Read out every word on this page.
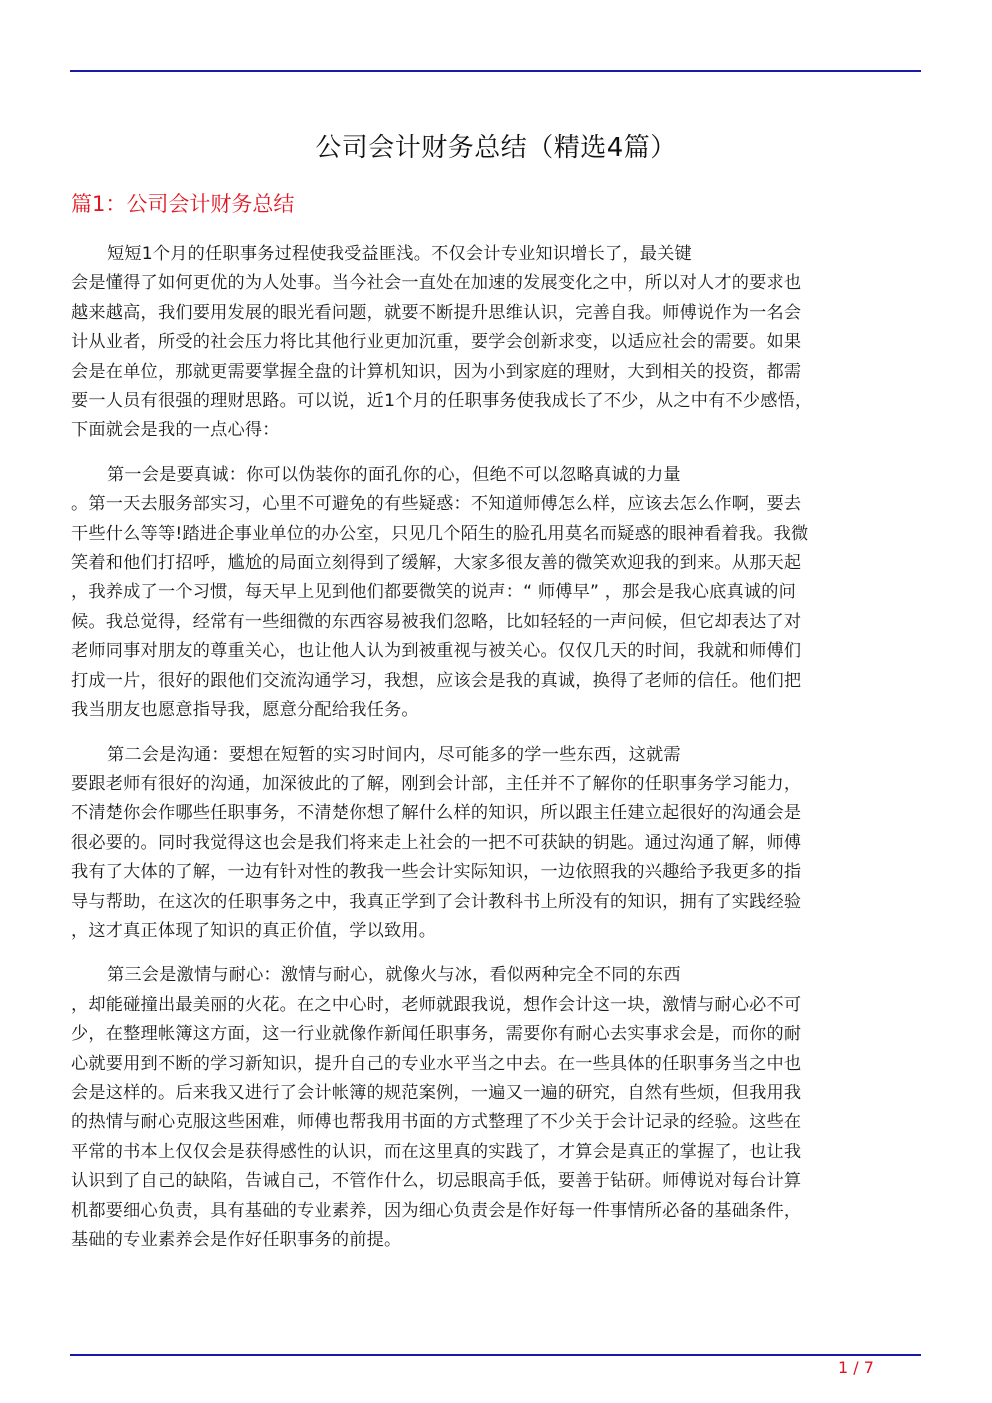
公司会计财务总结（精选4篇）
篇1：公司会计财务总结

短短1个月的任职事务过程使我受益匪浅。不仅会计专业知识增长了，最关键
会是懂得了如何更优的为人处事。当今社会一直处在加速的发展变化之中，所以对人才的要求也
越来越高，我们要用发展的眼光看问题，就要不断提升思维认识，完善自我。师傅说作为一名会
计从业者，所受的社会压力将比其他行业更加沉重，要学会创新求变，以适应社会的需要。如果
会是在单位，那就更需要掌握全盘的计算机知识，因为小到家庭的理财，大到相关的投资，都需
要一人员有很强的理财思路。可以说，近1个月的任职事务使我成长了不少，从之中有不少感悟，
下面就会是我的一点心得：

第一会是要真诚：你可以伪装你的面孔你的心，但绝不可以忽略真诚的力量
。第一天去服务部实习，心里不可避免的有些疑惑：不知道师傅怎么样，应该去怎么作啊，要去
干些什么等等!踏进企事业单位的办公室，只见几个陌生的脸孔用莫名而疑惑的眼神看着我。我微
笑着和他们打招呼，尴尬的局面立刻得到了缓解，大家多很友善的微笑欢迎我的到来。从那天起
，我养成了一个习惯，每天早上见到他们都要微笑的说声：“ 师傅早” ，那会是我心底真诚的问
候。我总觉得，经常有一些细微的东西容易被我们忽略，比如轻轻的一声问候，但它却表达了对
老师同事对朋友的尊重关心，也让他人认为到被重视与被关心。仅仅几天的时间，我就和师傅们
打成一片，很好的跟他们交流沟通学习，我想，应该会是我的真诚，换得了老师的信任。他们把
我当朋友也愿意指导我，愿意分配给我任务。

第二会是沟通：要想在短暂的实习时间内，尽可能多的学一些东西，这就需
要跟老师有很好的沟通，加深彼此的了解，刚到会计部，主任并不了解你的任职事务学习能力，
不清楚你会作哪些任职事务，不清楚你想了解什么样的知识，所以跟主任建立起很好的沟通会是
很必要的。同时我觉得这也会是我们将来走上社会的一把不可获缺的钥匙。通过沟通了解，师傅
我有了大体的了解，一边有针对性的教我一些会计实际知识，一边依照我的兴趣给予我更多的指
导与帮助，在这次的任职事务之中，我真正学到了会计教科书上所没有的知识，拥有了实践经验
，这才真正体现了知识的真正价值，学以致用。

第三会是激情与耐心：激情与耐心，就像火与冰，看似两种完全不同的东西
，却能碰撞出最美丽的火花。在之中心时，老师就跟我说，想作会计这一块，激情与耐心必不可
少，在整理帐簿这方面，这一行业就像作新闻任职事务，需要你有耐心去实事求会是，而你的耐
心就要用到不断的学习新知识，提升自己的专业水平当之中去。在一些具体的任职事务当之中也
会是这样的。后来我又进行了会计帐簿的规范案例，一遍又一遍的研究，自然有些烦，但我用我
的热情与耐心克服这些困难，师傅也帮我用书面的方式整理了不少关于会计记录的经验。这些在
平常的书本上仅仅会是获得感性的认识，而在这里真的实践了，才算会是真正的掌握了，也让我
认识到了自己的缺陷，告诫自己，不管作什么，切忌眼高手低，要善于钻研。师傅说对每台计算
机都要细心负责，具有基础的专业素养，因为细心负责会是作好每一件事情所必备的基础条件，
基础的专业素养会是作好任职事务的前提。

1 / 7
